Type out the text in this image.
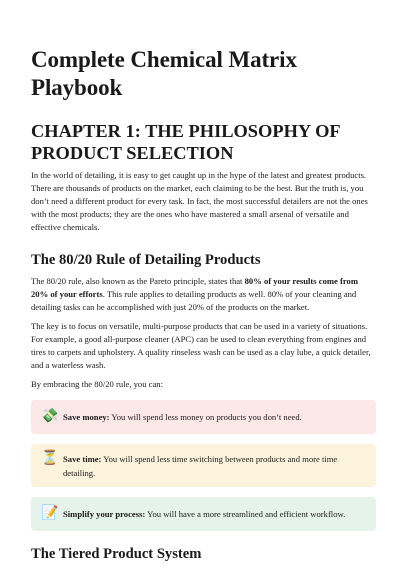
Complete Chemical Matrix Playbook
CHAPTER 1: THE PHILOSOPHY OF
PRODUCT SELECTION

In the world of detailing, it is easy to get caught up in the hype of the latest and greatest products. There are thousands of products on the market, each claiming to be the best. But the truth is, you don’t need a different product for every task. In fact, the most successful detailers are not the ones with the most products; they are the ones who have mastered a small arsenal of versatile and effective chemicals.

The 80/20 Rule of Detailing Products

The 80/20 rule, also known as the Pareto principle, states that 80% of your results come from 20% of your efforts. This rule applies to detailing products as well. 80% of your cleaning and detailing tasks can be accomplished with just 20% of the products on the market.

The key is to focus on versatile, multi-purpose products that can be used in a variety of situations. For example, a good all-purpose cleaner (APC) can be used to clean everything from engines and tires to carpets and upholstery. A quality rinseless wash can be used as a clay lube, a quick detailer, and a waterless wash.

By embracing the 80/20 rule, you can:

💸 Save money: You will spend less money on products you don’t need.
⏳ Save time: You will spend less time switching between products and more time detailing.
📝 Simplify your process: You will have a more streamlined and efficient workflow.
The Tiered Product System
